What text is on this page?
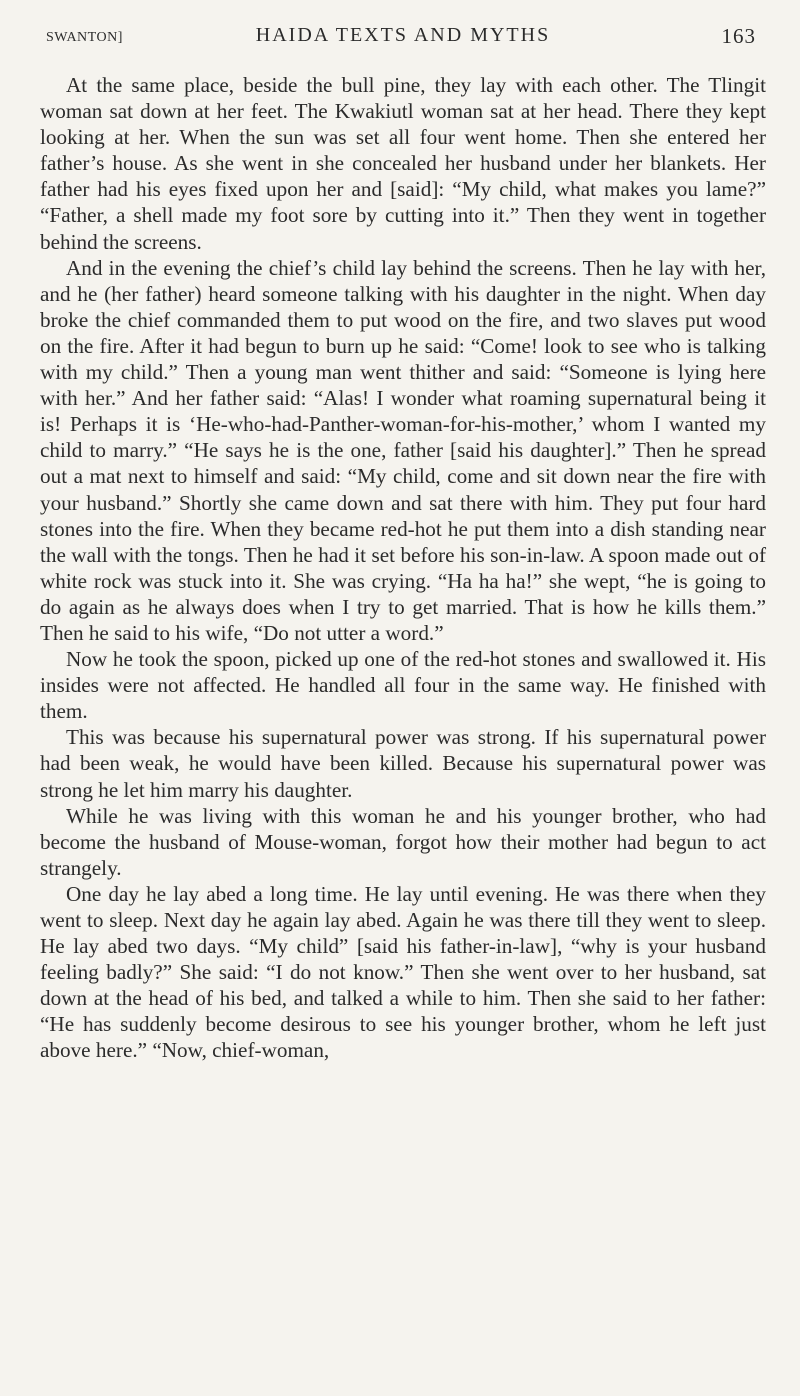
SWANTON]	HAIDA TEXTS AND MYTHS	163

At the same place, beside the bull pine, they lay with each other. The Tlingit woman sat down at her feet. The Kwakiutl woman sat at her head. There they kept looking at her. When the sun was set all four went home. Then she entered her father’s house. As she went in she concealed her husband under her blankets. Her father had his eyes fixed upon her and [said]: “My child, what makes you lame?” “Father, a shell made my foot sore by cutting into it.” Then they went in together behind the screens.

And in the evening the chief’s child lay behind the screens. Then he lay with her, and he (her father) heard someone talking with his daughter in the night. When day broke the chief commanded them to put wood on the fire, and two slaves put wood on the fire. After it had begun to burn up he said: “Come! look to see who is talking with my child.” Then a young man went thither and said: “Someone is lying here with her.” And her father said: “Alas! I wonder what roaming supernatural being it is! Perhaps it is ‘He-who-had-Panther-woman-for-his-mother,’ whom I wanted my child to marry.” “He says he is the one, father [said his daughter].” Then he spread out a mat next to himself and said: “My child, come and sit down near the fire with your husband.” Shortly she came down and sat there with him. They put four hard stones into the fire. When they became red-hot he put them into a dish standing near the wall with the tongs. Then he had it set before his son-in-law. A spoon made out of white rock was stuck into it. She was crying. “Ha ha ha!” she wept, “he is going to do again as he always does when I try to get married. That is how he kills them.” Then he said to his wife, “Do not utter a word.”

Now he took the spoon, picked up one of the red-hot stones and swallowed it. His insides were not affected. He handled all four in the same way. He finished with them.

This was because his supernatural power was strong. If his supernatural power had been weak, he would have been killed. Because his supernatural power was strong he let him marry his daughter.

While he was living with this woman he and his younger brother, who had become the husband of Mouse-woman, forgot how their mother had begun to act strangely.

One day he lay abed a long time. He lay until evening. He was there when they went to sleep. Next day he again lay abed. Again he was there till they went to sleep. He lay abed two days. “My child” [said his father-in-law], “why is your husband feeling badly?” She said: “I do not know.” Then she went over to her husband, sat down at the head of his bed, and talked a while to him. Then she said to her father: “He has suddenly become desirous to see his younger brother, whom he left just above here.” “Now, chief-woman,
